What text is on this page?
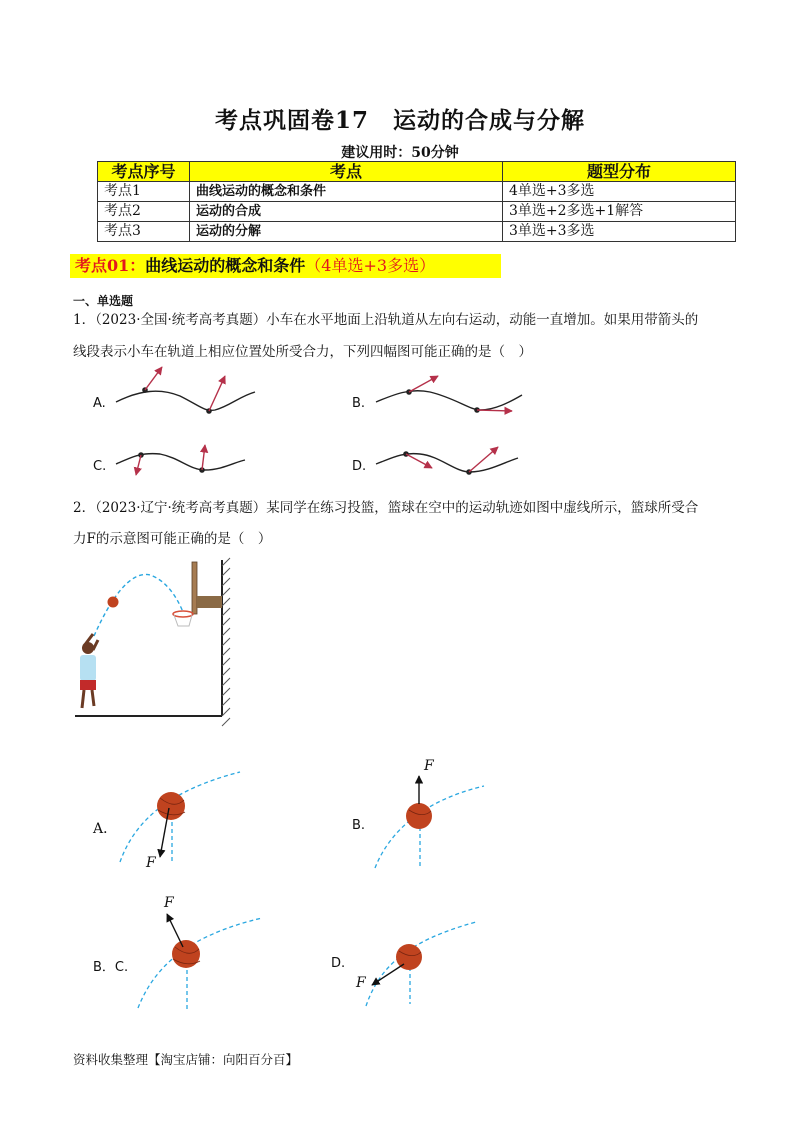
考点巩固卷17　运动的合成与分解
建议用时：50分钟
考点序号	考点	题型分布
考点1	曲线运动的概念和条件	4单选+3多选
考点2	运动的合成	3单选+2多选+1解答
考点3	运动的分解	3单选+3多选
考点01：曲线运动的概念和条件（4单选+3多选）
一、单选题
1．（2023·全国·统考高考真题）小车在水平地面上沿轨道从左向右运动，动能一直增加。如果用带箭头的
线段表示小车在轨道上相应位置处所受合力，下列四幅图可能正确的是（　）
A.	B.
C.	D.
2．（2023·辽宁·统考高考真题）某同学在练习投篮，篮球在空中的运动轨迹如图中虚线所示，篮球所受合
力F的示意图可能正确的是（　）
A．	B.
B．C.	D.
F
F
F
F
资料收集整理【淘宝店铺：向阳百分百】
